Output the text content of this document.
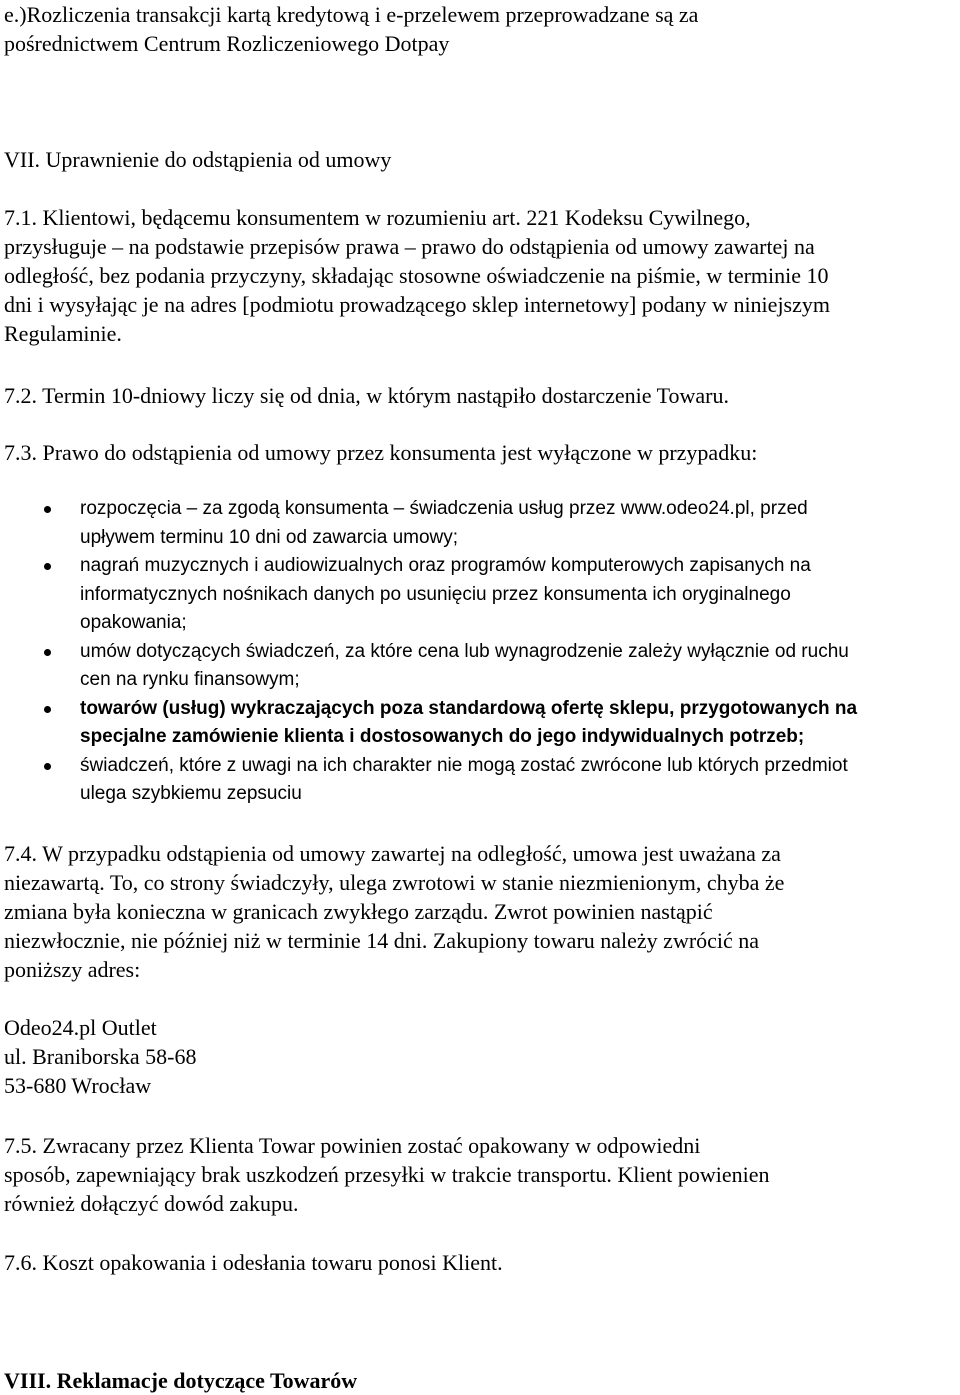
e.)Rozliczenia transakcji kartą kredytową i e-przelewem przeprowadzane są za
pośrednictwem Centrum Rozliczeniowego Dotpay
VII. Uprawnienie do odstąpienia od umowy
7.1. Klientowi, będącemu konsumentem w rozumieniu art. 221 Kodeksu Cywilnego,
przysługuje – na podstawie przepisów prawa – prawo do odstąpienia od umowy zawartej na
odległość, bez podania przyczyny, składając stosowne oświadczenie na piśmie, w terminie 10
dni i wysyłając je na adres [podmiotu prowadzącego sklep internetowy] podany w niniejszym
Regulaminie.
7.2. Termin 10-dniowy liczy się od dnia, w którym nastąpiło dostarczenie Towaru.
7.3. Prawo do odstąpienia od umowy przez konsumenta jest wyłączone w przypadku:
rozpoczęcia – za zgodą konsumenta – świadczenia usług przez www.odeo24.pl, przed
upływem terminu 10 dni od zawarcia umowy;
nagrań muzycznych i audiowizualnych oraz programów komputerowych zapisanych na
informatycznych nośnikach danych po usunięciu przez konsumenta ich oryginalnego
opakowania;
umów dotyczących świadczeń, za które cena lub wynagrodzenie zależy wyłącznie od ruchu
cen na rynku finansowym;
towarów (usług) wykraczających poza standardową ofertę sklepu, przygotowanych na
specjalne zamówienie klienta i dostosowanych do jego indywidualnych potrzeb;
świadczeń, które z uwagi na ich charakter nie mogą zostać zwrócone lub których przedmiot
ulega szybkiemu zepsuciu
7.4. W przypadku odstąpienia od umowy zawartej na odległość, umowa jest uważana za
niezawartą. To, co strony świadczyły, ulega zwrotowi w stanie niezmienionym, chyba że
zmiana była konieczna w granicach zwykłego zarządu. Zwrot powinien nastąpić
niezwłocznie, nie później niż w terminie 14 dni. Zakupiony towaru należy zwrócić na
poniższy adres:
Odeo24.pl Outlet
ul. Braniborska 58-68
53-680 Wrocław
7.5. Zwracany przez Klienta Towar powinien zostać opakowany w odpowiedni
sposób, zapewniający brak uszkodzeń przesyłki w trakcie transportu. Klient powienien
również dołączyć dowód zakupu.
7.6. Koszt opakowania i odesłania towaru ponosi Klient.
VIII. Reklamacje dotyczące Towarów
